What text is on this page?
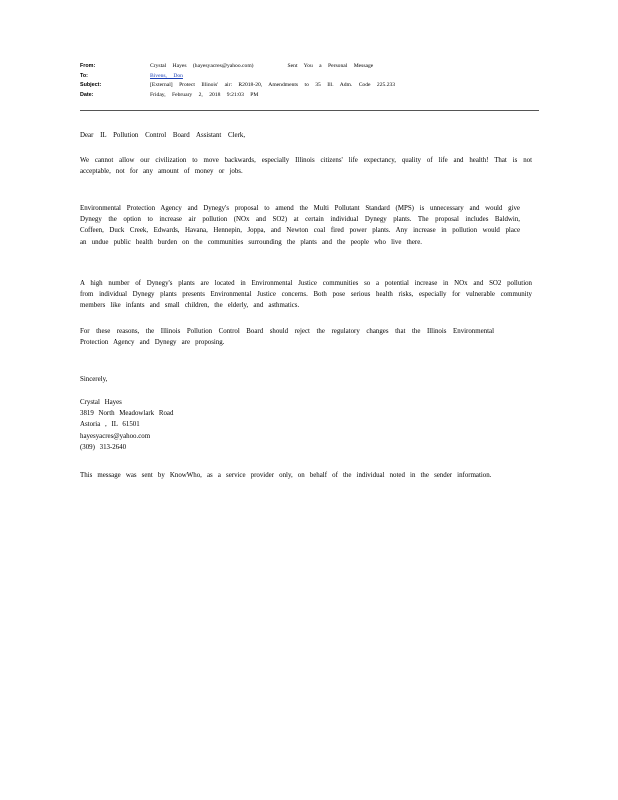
From:	Crystal Hayes (hayesyacres@yahoo.com)	Sent You a Personal Message
To:	Bivens, Don
Subject:	[External] Protect Illinois' air: R2018-20, Amendments to 35 Ill. Adm. Code 225.233
Date:	Friday, February 2, 2018 9:21:03 PM

Dear IL Pollution Control Board Assistant Clerk,

We cannot allow our civilization to move backwards, especially Illinois citizens' life expectancy, quality of life and health! That is not acceptable, not for any amount of money or jobs.

Environmental Protection Agency and Dynegy's proposal to amend the Multi Pollutant Standard (MPS) is unnecessary and would give Dynegy the option to increase air pollution (NOx and SO2) at certain individual Dynegy plants. The proposal includes Baldwin, Coffeen, Duck Creek, Edwards, Havana, Hennepin, Joppa, and Newton coal fired power plants. Any increase in pollution would place an undue public health burden on the communities surrounding the plants and the people who live there.

A high number of Dynegy's plants are located in Environmental Justice communities so a potential increase in NOx and SO2 pollution from individual Dynegy plants presents Environmental Justice concerns. Both pose serious health risks, especially for vulnerable community members like infants and small children, the elderly, and asthmatics.

For these reasons, the Illinois Pollution Control Board should reject the regulatory changes that the Illinois Environmental Protection Agency and Dynegy are proposing.

Sincerely,

Crystal Hayes
3819 North Meadowlark Road
Astoria , IL 61501
hayesyacres@yahoo.com
(309) 313-2640

This message was sent by KnowWho, as a service provider only, on behalf of the individual noted in the sender information.
